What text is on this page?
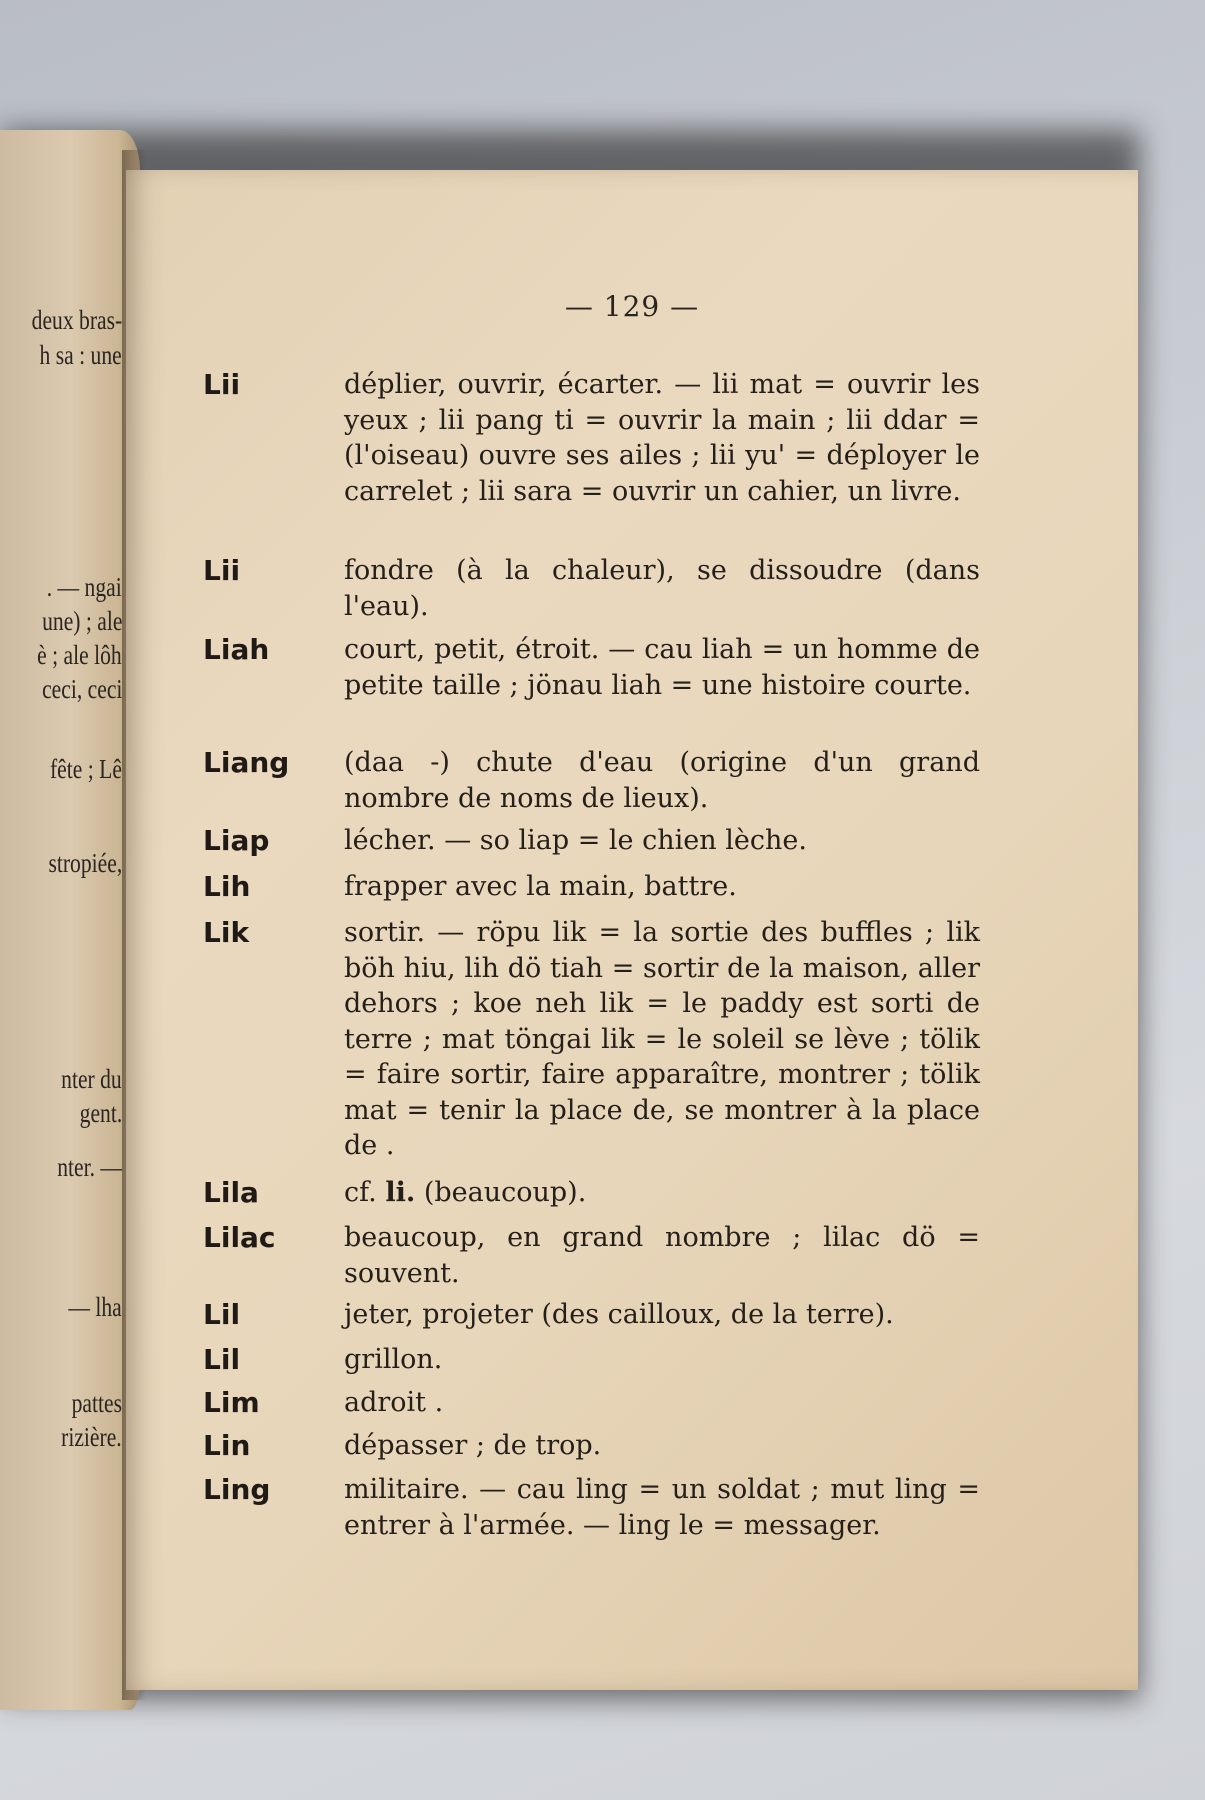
deux bras-
h sa : une
. — ngai
une) ; ale
è ; ale lôh
ceci, ceci
fête ; Lê
stropiée,
nter du
gent.
nter. —
— lha
pattes
rizière.
— 129 —
Lii	déplier, ouvrir, écarter. — lii mat = ouvrir les yeux ; lii pang ti = ouvrir la main ; lii ddar = (l'oiseau) ouvre ses ailes ; lii yu' = déployer le carrelet ; lii sara = ouvrir un cahier, un livre.
Lii	fondre (à la chaleur), se dissoudre (dans l'eau).
Liah	court, petit, étroit. — cau liah = un homme de petite taille ; jönau liah = une histoire courte.
Liang (daa -) chute d'eau (origine d'un grand nombre de noms de lieux).
Liap	lécher. — so liap = le chien lèche.
Lih	frapper avec la main, battre.
Lik	sortir. — röpu lik = la sortie des buffles ; lik böh hiu, lih dö tiah = sortir de la maison, aller dehors ; koe neh lik = le paddy est sorti de terre ; mat töngai lik = le soleil se lève ; tölik = faire sortir, faire apparaître, montrer ; tölik mat = tenir la place de, se montrer à la place de .
Lila	cf. li. (beaucoup).
Lilac	beaucoup, en grand nombre ; lilac dö = souvent.
Lil	jeter, projeter (des cailloux, de la terre).
Lil	grillon.
Lim	adroit .
Lin	dépasser ; de trop.
Ling	militaire. — cau ling = un soldat ; mut ling = entrer à l'armée. — ling le = messager.
